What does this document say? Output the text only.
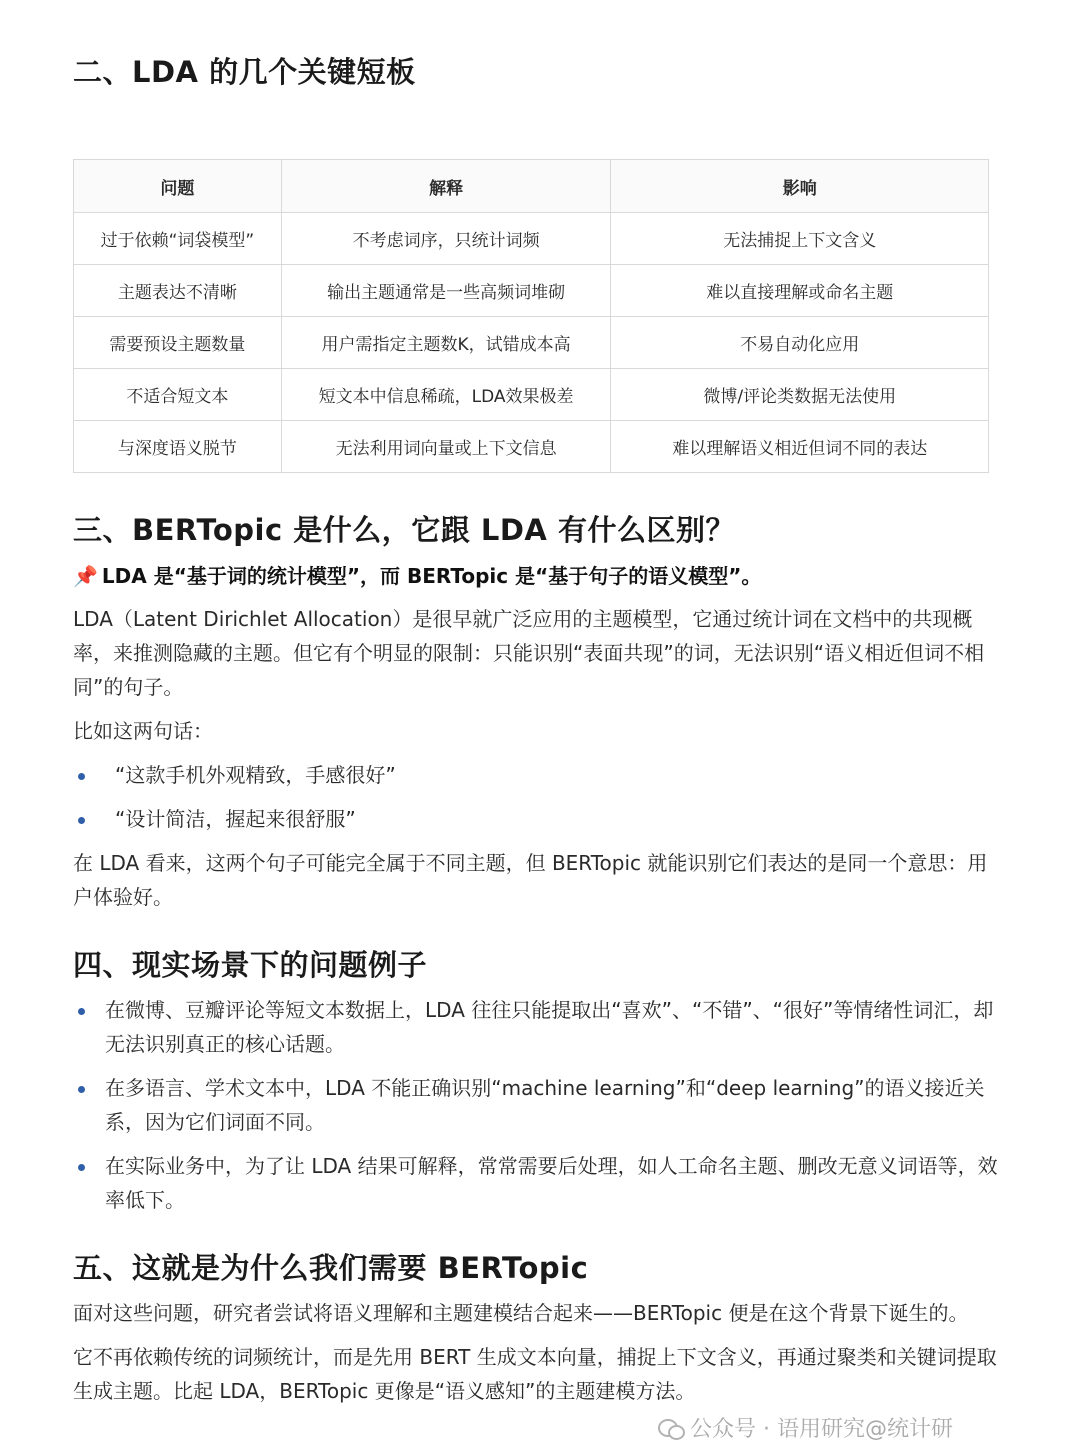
二、LDA 的几个关键短板
问题	解释	影响
过于依赖“词袋模型”	不考虑词序，只统计词频	无法捕捉上下文含义
主题表达不清晰	输出主题通常是一些高频词堆砌	难以直接理解或命名主题
需要预设主题数量	用户需指定主题数K，试错成本高	不易自动化应用
不适合短文本	短文本中信息稀疏，LDA效果极差	微博/评论类数据无法使用
与深度语义脱节	无法利用词向量或上下文信息	难以理解语义相近但词不同的表达
三、BERTopic 是什么，它跟 LDA 有什么区别？
📌 LDA 是“基于词的统计模型”，而 BERTopic 是“基于句子的语义模型”。

LDA（Latent Dirichlet Allocation）是很早就广泛应用的主题模型，它通过统计词在文档中的共现概率，来推测隐藏的主题。但它有个明显的限制：只能识别“表面共现”的词，无法识别“语义相近但词不相同”的句子。

比如这两句话：

“这款手机外观精致，手感很好”
“设计简洁，握起来很舒服”

在 LDA 看来，这两个句子可能完全属于不同主题，但 BERTopic 就能识别它们表达的是同一个意思：用户体验好。

四、现实场景下的问题例子
在微博、豆瓣评论等短文本数据上，LDA 往往只能提取出“喜欢”、“不错”、“很好”等情绪性词汇，却无法识别真正的核心话题。
在多语言、学术文本中，LDA 不能正确识别“machine learning”和“deep learning”的语义接近关系，因为它们词面不同。
在实际业务中，为了让 LDA 结果可解释，常常需要后处理，如人工命名主题、删改无意义词语等，效率低下。
五、这就是为什么我们需要 BERTopic

面对这些问题，研究者尝试将语义理解和主题建模结合起来——BERTopic 便是在这个背景下诞生的。

它不再依赖传统的词频统计，而是先用 BERT 生成文本向量，捕捉上下文含义，再通过聚类和关键词提取生成主题。比起 LDA，BERTopic 更像是“语义感知”的主题建模方法。

公众号 · 语用研究@统计研
